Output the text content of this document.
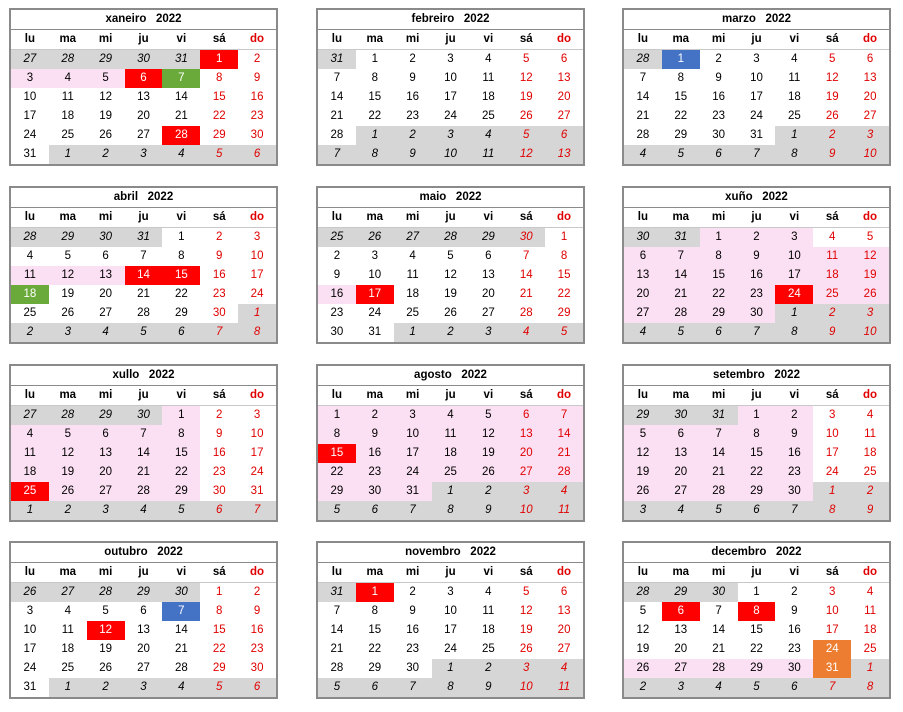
xaneiro 2022
lu	ma	mi	ju	vi	sá	do
27	28	29	30	31	1	2
3	4	5	6	7	8	9
10	11	12	13	14	15	16
17	18	19	20	21	22	23
24	25	26	27	28	29	30
31	1	2	3	4	5	6
febreiro 2022
lu	ma	mi	ju	vi	sá	do
31	1	2	3	4	5	6
7	8	9	10	11	12	13
14	15	16	17	18	19	20
21	22	23	24	25	26	27
28	1	2	3	4	5	6
7	8	9	10	11	12	13
marzo 2022
lu	ma	mi	ju	vi	sá	do
28	1	2	3	4	5	6
7	8	9	10	11	12	13
14	15	16	17	18	19	20
21	22	23	24	25	26	27
28	29	30	31	1	2	3
4	5	6	7	8	9	10
abril 2022
lu	ma	mi	ju	vi	sá	do
28	29	30	31	1	2	3
4	5	6	7	8	9	10
11	12	13	14	15	16	17
18	19	20	21	22	23	24
25	26	27	28	29	30	1
2	3	4	5	6	7	8
maio 2022
lu	ma	mi	ju	vi	sá	do
25	26	27	28	29	30	1
2	3	4	5	6	7	8
9	10	11	12	13	14	15
16	17	18	19	20	21	22
23	24	25	26	27	28	29
30	31	1	2	3	4	5
xuño 2022
lu	ma	mi	ju	vi	sá	do
30	31	1	2	3	4	5
6	7	8	9	10	11	12
13	14	15	16	17	18	19
20	21	22	23	24	25	26
27	28	29	30	1	2	3
4	5	6	7	8	9	10
xullo 2022
lu	ma	mi	ju	vi	sá	do
27	28	29	30	1	2	3
4	5	6	7	8	9	10
11	12	13	14	15	16	17
18	19	20	21	22	23	24
25	26	27	28	29	30	31
1	2	3	4	5	6	7
agosto 2022
lu	ma	mi	ju	vi	sá	do
1	2	3	4	5	6	7
8	9	10	11	12	13	14
15	16	17	18	19	20	21
22	23	24	25	26	27	28
29	30	31	1	2	3	4
5	6	7	8	9	10	11
setembro 2022
lu	ma	mi	ju	vi	sá	do
29	30	31	1	2	3	4
5	6	7	8	9	10	11
12	13	14	15	16	17	18
19	20	21	22	23	24	25
26	27	28	29	30	1	2
3	4	5	6	7	8	9
outubro 2022
lu	ma	mi	ju	vi	sá	do
26	27	28	29	30	1	2
3	4	5	6	7	8	9
10	11	12	13	14	15	16
17	18	19	20	21	22	23
24	25	26	27	28	29	30
31	1	2	3	4	5	6
novembro 2022
lu	ma	mi	ju	vi	sá	do
31	1	2	3	4	5	6
7	8	9	10	11	12	13
14	15	16	17	18	19	20
21	22	23	24	25	26	27
28	29	30	1	2	3	4
5	6	7	8	9	10	11
decembro 2022
lu	ma	mi	ju	vi	sá	do
28	29	30	1	2	3	4
5	6	7	8	9	10	11
12	13	14	15	16	17	18
19	20	21	22	23	24	25
26	27	28	29	30	31	1
2	3	4	5	6	7	8
